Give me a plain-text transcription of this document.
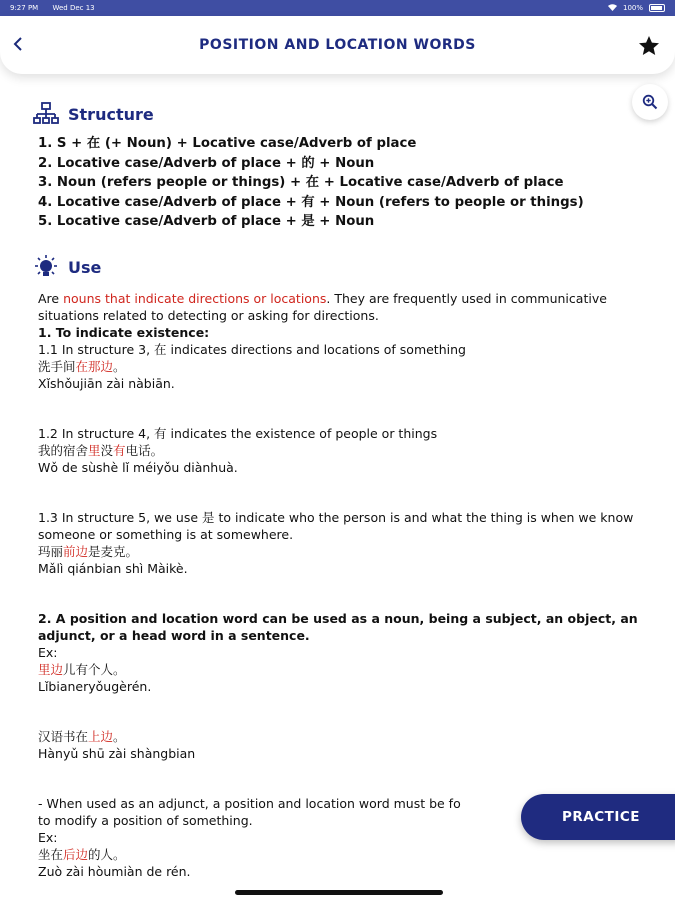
9:27 PM Wed Dec 13	100%
POSITION AND LOCATION WORDS
Structure
1. S + 在 (+ Noun) + Locative case/Adverb of place
2. Locative case/Adverb of place + 的 + Noun
3. Noun (refers people or things) + 在 + Locative case/Adverb of place
4. Locative case/Adverb of place + 有 + Noun (refers to people or things)
5. Locative case/Adverb of place + 是 + Noun
Use
Are nouns that indicate directions or locations. They are frequently used in communicative situations related to detecting or asking for directions.
1. To indicate existence:
1.1 In structure 3, 在 indicates directions and locations of something
洗手间在那边。
Xǐshǒujiān zài nàbiān.
1.2 In structure 4, 有 indicates the existence of people or things
我的宿舍里没有电话。
Wǒ de sùshè lǐ méiyǒu diànhuà.
1.3 In structure 5, we use 是 to indicate who the person is and what the thing is when we know someone or something is at somewhere.
玛丽前边是麦克。
Mǎlì qiánbian shì Màikè.
2. A position and location word can be used as a noun, being a subject, an object, an adjunct, or a head word in a sentence.
Ex:
里边儿有个人。
Lǐbianeryǒugèrén.
汉语书在上边。
Hànyǔ shū zài shàngbian
- When used as an adjunct, a position and location word must be fo
to modify a position of something.
Ex:
坐在后边的人。
Zuò zài hòumiàn de rén.
PRACTICE
